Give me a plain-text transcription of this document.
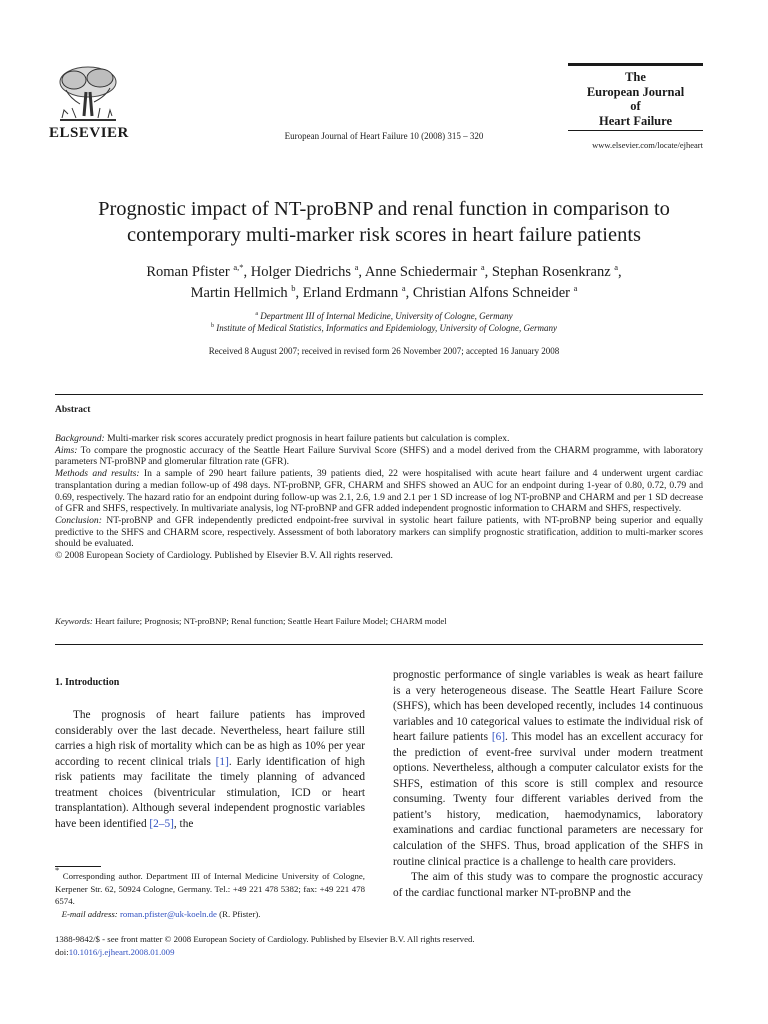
ELSEVIER	European Journal of Heart Failure 10 (2008) 315 – 320
The
European Journal
of
Heart Failure
www.elsevier.com/locate/ejheart
Prognostic impact of NT-proBNP and renal function in comparison to
contemporary multi-marker risk scores in heart failure patients
Roman Pfister $^{a,*}$, Holger Diedrichs $^a$, Anne Schiedermair $^a$, Stephan Rosenkranz $^a$,
Martin Hellmich $^b$, Erland Erdmann $^a$, Christian Alfons Schneider $^a$
$^a$ Department III of Internal Medicine, University of Cologne, Germany
$^b$ Institute of Medical Statistics, Informatics and Epidemiology, University of Cologne, Germany
Received 8 August 2007; received in revised form 26 November 2007; accepted 16 January 2008
Abstract

Background: Multi-marker risk scores accurately predict prognosis in heart failure patients but calculation is complex.

Aims: To compare the prognostic accuracy of the Seattle Heart Failure Survival Score (SHFS) and a model derived from the CHARM programme, with laboratory parameters NT-proBNP and glomerular filtration rate (GFR).

Methods and results: In a sample of 290 heart failure patients, 39 patients died, 22 were hospitalised with acute heart failure and 4 underwent urgent cardiac transplantation during a median follow-up of 498 days. NT-proBNP, GFR, CHARM and SHFS showed an AUC for an endpoint during 1-year of 0.80, 0.72, 0.79 and 0.69, respectively. The hazard ratio for an endpoint during follow-up was 2.1, 2.6, 1.9 and 2.1 per 1 SD increase of log NT-proBNP and CHARM and per 1 SD decrease of GFR and SHFS, respectively. In multivariate analysis, log NT-proBNP and GFR added independent prognostic information to CHARM and SHFS, respectively.

Conclusion: NT-proBNP and GFR independently predicted endpoint-free survival in systolic heart failure patients, with NT-proBNP being superior and equally predictive to the SHFS and CHARM score, respectively. Assessment of both laboratory markers can simplify prognostic stratification, addition to multi-marker scores should be evaluated.

© 2008 European Society of Cardiology. Published by Elsevier B.V. All rights reserved.

Keywords: Heart failure; Prognosis; NT-proBNP; Renal function; Seattle Heart Failure Model; CHARM model
1. Introduction

The prognosis of heart failure patients has improved considerably over the last decade. Nevertheless, heart failure still carries a high risk of mortality which can be as high as 10% per year according to recent clinical trials [1]. Early identification of high risk patients may facilitate the timely planning of advanced treatment choices (biventricular stimulation, ICD or heart transplantation). Although several independent prognostic variables have been identified [2–5], the

prognostic performance of single variables is weak as heart failure is a very heterogeneous disease. The Seattle Heart Failure Score (SHFS), which has been developed recently, includes 14 continuous variables and 10 categorical values to estimate the individual risk of heart failure patients [6]. This model has an excellent accuracy for the prediction of event-free survival under modern treatment options. Nevertheless, although a computer calculator exists for the SHFS, estimation of this score is still complex and resource consuming. Twenty four different variables derived from the patient’s history, medication, haemodynamics, laboratory examinations and cardiac functional parameters are necessary for calculation of the SHFS. Thus, broad application of the SHFS in routine clinical practice is a challenge to health care providers.

The aim of this study was to compare the prognostic accuracy of the cardiac functional marker NT-proBNP and the

* Corresponding author. Department III of Internal Medicine University of Cologne, Kerpener Str. 62, 50924 Cologne, Germany. Tel.: +49 221 478 5382; fax: +49 221 478 6574.

E-mail address: roman.pfister@uk-koeln.de (R. Pfister).

1388-9842/$ - see front matter © 2008 European Society of Cardiology. Published by Elsevier B.V. All rights reserved.
doi:10.1016/j.ejheart.2008.01.009
